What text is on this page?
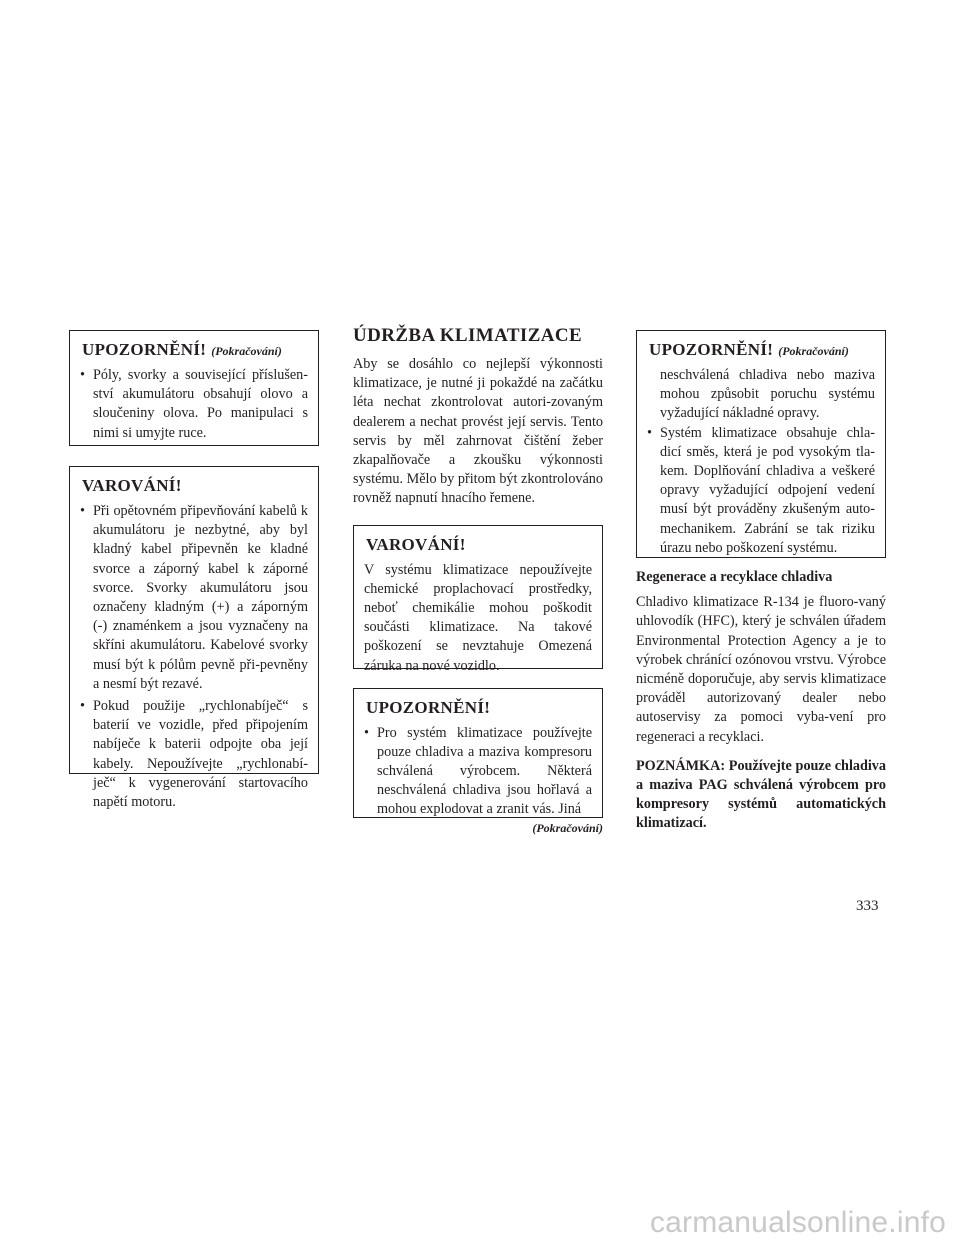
UPOZORNĚNÍ! (Pokračování)

• Póly, svorky a související příslušen-ství akumulátoru obsahují olovo a sloučeniny olova. Po manipulaci s nimi si umyjte ruce.

VAROVÁNÍ!

• Při opětovném připevňování kabelů k akumulátoru je nezbytné, aby byl kladný kabel připevněn ke kladné svorce a záporný kabel k záporné svorce. Svorky akumulátoru jsou označeny kladným (+) a záporným (-) znaménkem a jsou vyznačeny na skříni akumulátoru. Kabelové svorky musí být k pólům pevně při-pevněny a nesmí být rezavé.

• Pokud použije „rychlonabíječ“ s baterií ve vozidle, před připojením nabíječe k baterii odpojte oba její kabely. Nepoužívejte „rychlonabí-ječ“ k vygenerování startovacího napětí motoru.

ÚDRŽBA KLIMATIZACE

Aby se dosáhlo co nejlepší výkonnosti klimatizace, je nutné ji pokaždé na začátku léta nechat zkontrolovat autori-zovaným dealerem a nechat provést její servis. Tento servis by měl zahrnovat čištění žeber zkapalňovače a zkoušku výkonnosti systému. Mělo by přitom být zkontrolováno rovněž napnutí hnacího řemene.

VAROVÁNÍ!

V systému klimatizace nepoužívejte chemické proplachovací prostředky, neboť chemikálie mohou poškodit součásti klimatizace. Na takové poškození se nevztahuje Omezená záruka na nové vozidlo.

UPOZORNĚNÍ!

• Pro systém klimatizace používejte pouze chladiva a maziva kompresoru schválená výrobcem. Některá neschválená chladiva jsou hořlavá a mohou explodovat a zranit vás. Jiná

(Pokračování)
UPOZORNĚNÍ! (Pokračování)

neschválená chladiva nebo maziva mohou způsobit poruchu systému vyžadující nákladné opravy.

• Systém klimatizace obsahuje chla-dicí směs, která je pod vysokým tla-kem. Doplňování chladiva a veškeré opravy vyžadující odpojení vedení musí být prováděny zkušeným auto-mechanikem. Zabrání se tak riziku úrazu nebo poškození systému.

Regenerace a recyklace chladiva

Chladivo klimatizace R-134 je fluoro-vaný uhlovodík (HFC), který je schválen úřadem Environmental Protection Agency a je to výrobek chránící ozónovou vrstvu. Výrobce nicméně doporučuje, aby servis klimatizace prováděl autorizovaný dealer nebo autoservisy za pomoci vyba-vení pro regeneraci a recyklaci.

POZNÁMKA: Používejte pouze chladiva a maziva PAG schválená výrobcem pro kompresory systémů automatických klimatizací.

333
carmanualsonline.info
